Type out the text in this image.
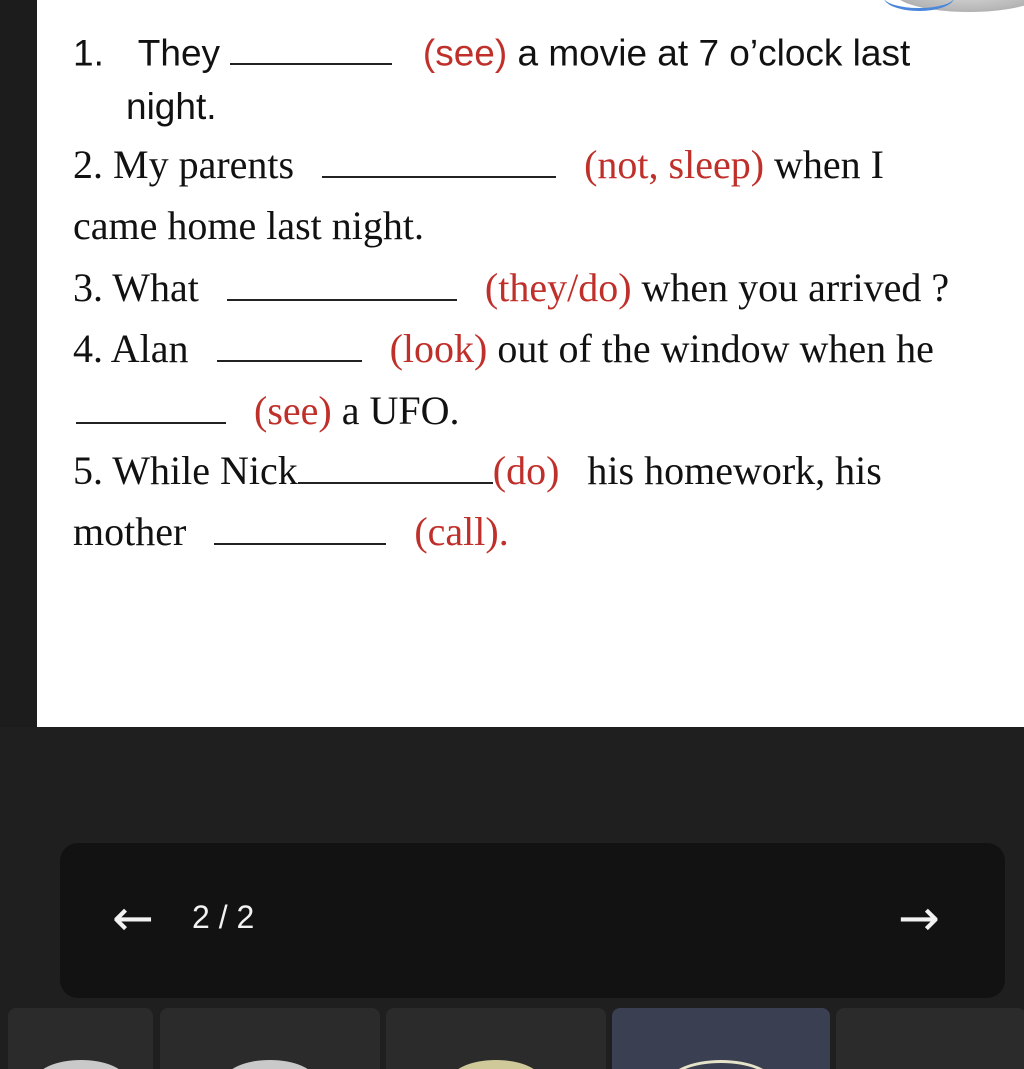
1. They	(see) a movie at 7 o’clock last
night.
2. My parents	(not, sleep) when I
came home last night.
3. What	(they/do) when you arrived ?
4. Alan	(look) out of the window when he
(see) a UFO.
5. While Nick	(do) his homework, his
mother	(call).
← 2 / 2	→
